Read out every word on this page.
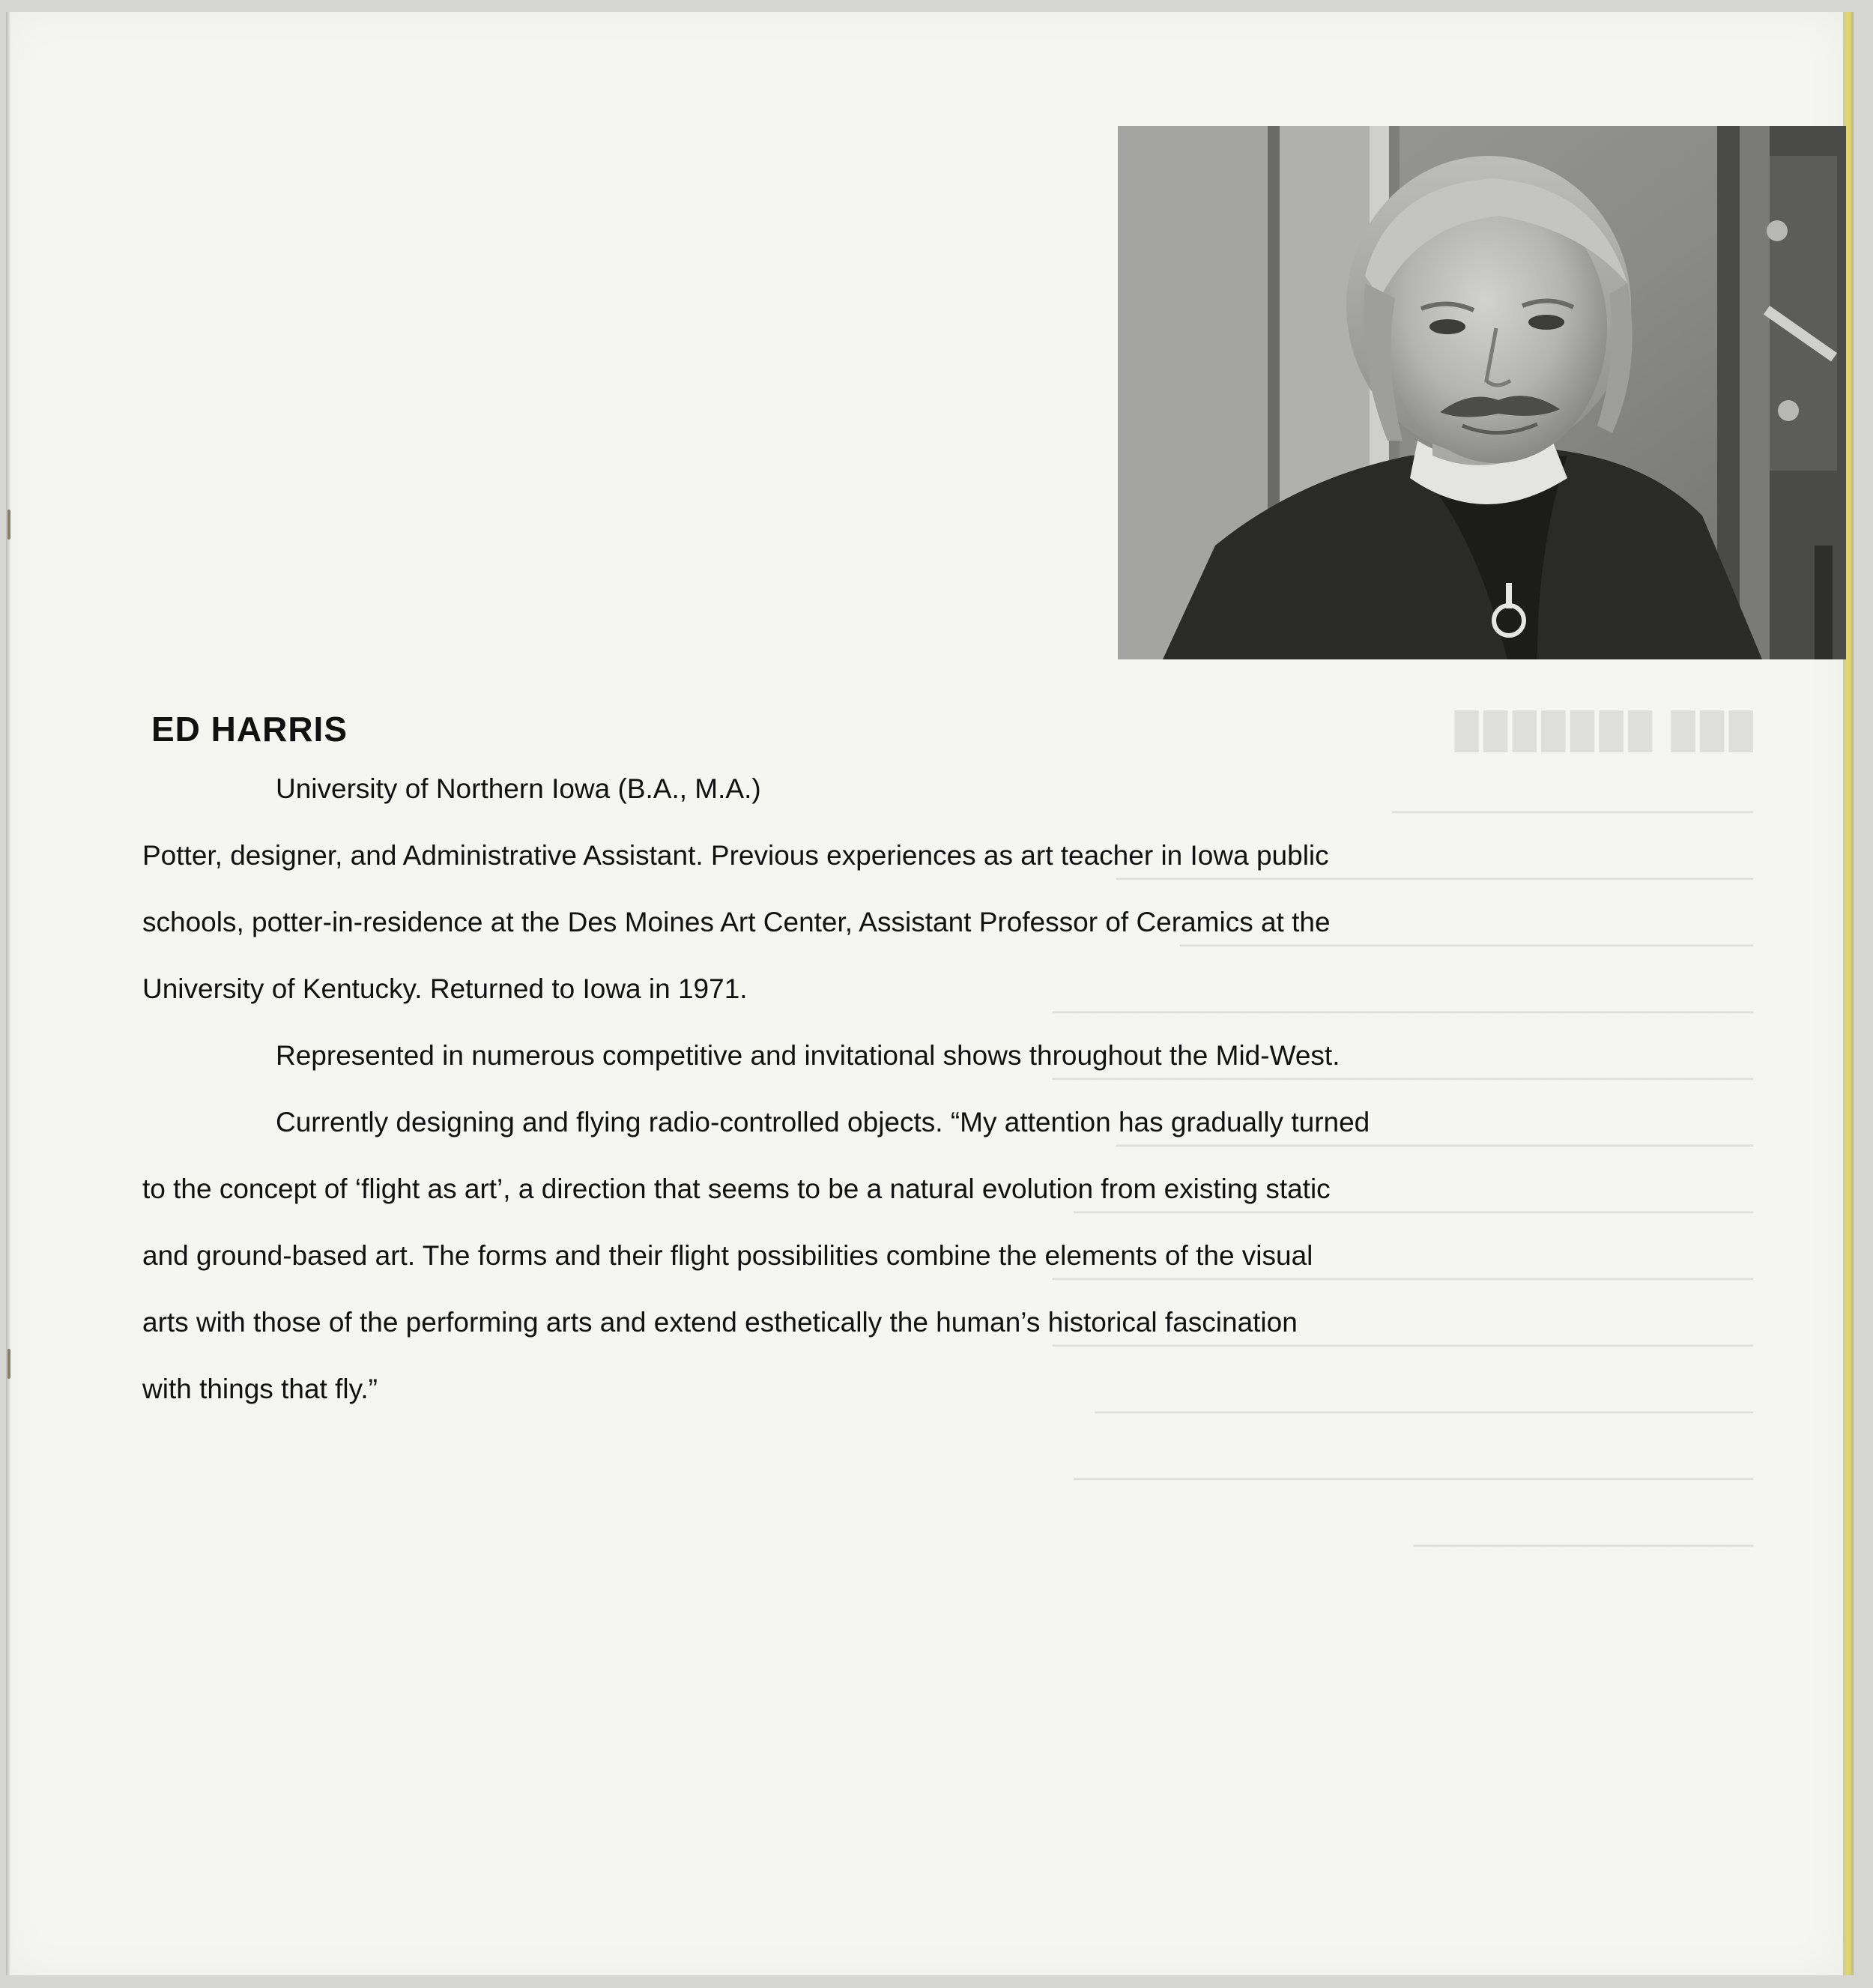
ED HARRIS

University of Northern Iowa (B.A., M.A.)

Potter, designer, and Administrative Assistant. Previous experiences as art teacher in Iowa public

schools, potter-in-residence at the Des Moines Art Center, Assistant Professor of Ceramics at the

University of Kentucky. Returned to Iowa in 1971.

Represented in numerous competitive and invitational shows throughout the Mid-West.

Currently designing and flying radio-controlled objects. “My attention has gradually turned

to the concept of ‘flight as art’, a direction that seems to be a natural evolution from existing static

and ground-based art. The forms and their flight possibilities combine the elements of the visual

arts with those of the performing arts and extend esthetically the human’s historical fascination

with things that fly.”
